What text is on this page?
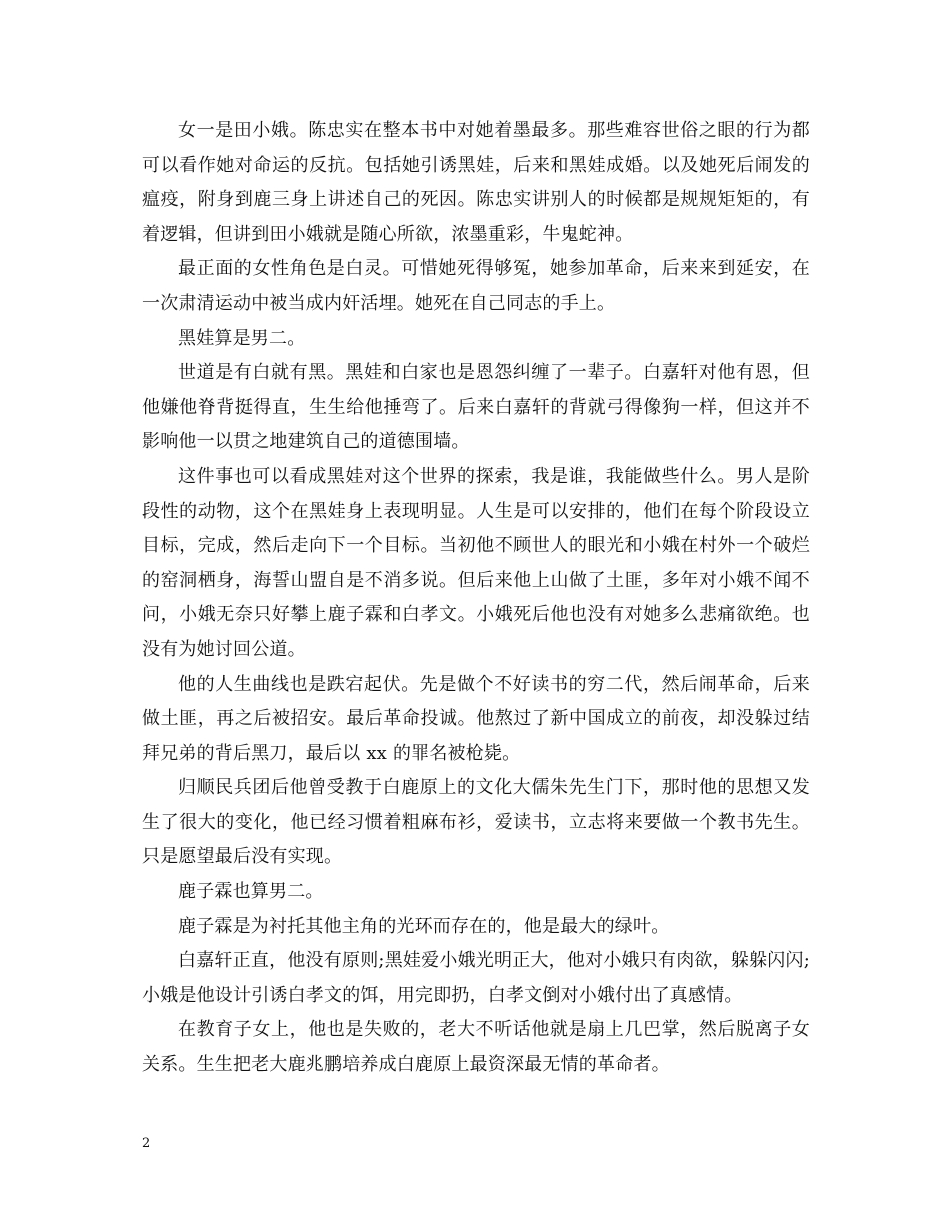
女一是田小娥。陈忠实在整本书中对她着墨最多。那些难容世俗之眼的行为都可以看作她对命运的反抗。包括她引诱黑娃，后来和黑娃成婚。以及她死后闹发的瘟疫，附身到鹿三身上讲述自己的死因。陈忠实讲别人的时候都是规规矩矩的，有着逻辑，但讲到田小娥就是随心所欲，浓墨重彩，牛鬼蛇神。

最正面的女性角色是白灵。可惜她死得够冤，她参加革命，后来来到延安，在一次肃清运动中被当成内奸活埋。她死在自己同志的手上。

黑娃算是男二。

世道是有白就有黑。黑娃和白家也是恩怨纠缠了一辈子。白嘉轩对他有恩，但他嫌他脊背挺得直，生生给他捶弯了。后来白嘉轩的背就弓得像狗一样，但这并不影响他一以贯之地建筑自己的道德围墙。

这件事也可以看成黑娃对这个世界的探索，我是谁，我能做些什么。男人是阶段性的动物，这个在黑娃身上表现明显。人生是可以安排的，他们在每个阶段设立目标，完成，然后走向下一个目标。当初他不顾世人的眼光和小娥在村外一个破烂的窑洞栖身，海誓山盟自是不消多说。但后来他上山做了土匪，多年对小娥不闻不问，小娥无奈只好攀上鹿子霖和白孝文。小娥死后他也没有对她多么悲痛欲绝。也没有为她讨回公道。

他的人生曲线也是跌宕起伏。先是做个不好读书的穷二代，然后闹革命，后来做土匪，再之后被招安。最后革命投诚。他熬过了新中国成立的前夜，却没躲过结拜兄弟的背后黑刀，最后以 xx 的罪名被枪毙。

归顺民兵团后他曾受教于白鹿原上的文化大儒朱先生门下，那时他的思想又发生了很大的变化，他已经习惯着粗麻布衫，爱读书，立志将来要做一个教书先生。只是愿望最后没有实现。

鹿子霖也算男二。

鹿子霖是为衬托其他主角的光环而存在的，他是最大的绿叶。

白嘉轩正直，他没有原则;黑娃爱小娥光明正大，他对小娥只有肉欲，躲躲闪闪;小娥是他设计引诱白孝文的饵，用完即扔，白孝文倒对小娥付出了真感情。

在教育子女上，他也是失败的，老大不听话他就是扇上几巴掌，然后脱离子女关系。生生把老大鹿兆鹏培养成白鹿原上最资深最无情的革命者。

2
